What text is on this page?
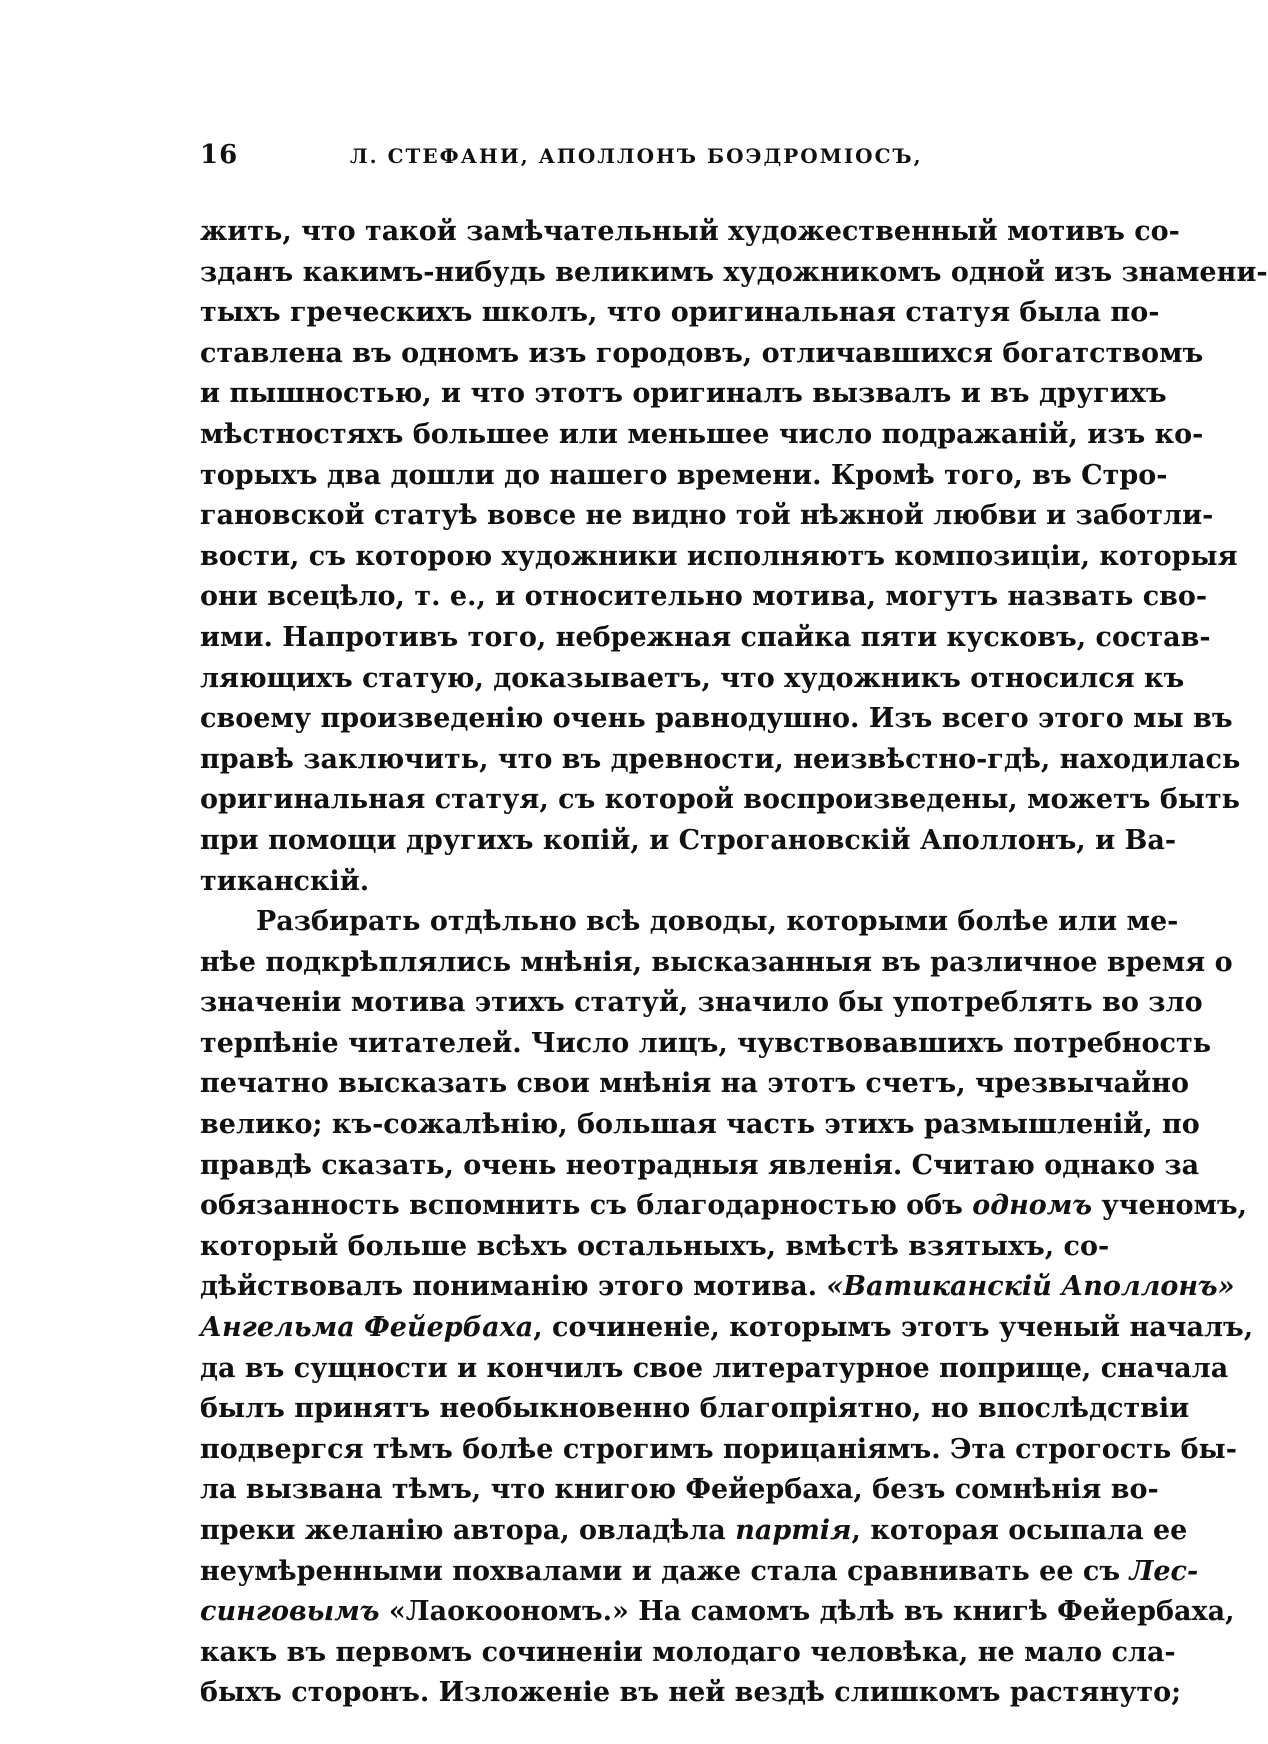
16	Л. СТЕФАНИ, АПОЛЛОНЪ БОЭДРОМІОСЪ,
жить, что такой замѣчательный художественный мотивъ со-
зданъ какимъ-нибудь великимъ художникомъ одной изъ знамени-
тыхъ греческихъ школъ, что оригинальная статуя была по-
ставлена въ одномъ изъ городовъ, отличавшихся богатствомъ
и пышностью, и что этотъ оригиналъ вызвалъ и въ другихъ
мѣстностяхъ большее или меньшее число подражаній, изъ ко-
торыхъ два дошли до нашего времени. Кромѣ того, въ Стро-
гановской статуѣ вовсе не видно той нѣжной любви и заботли-
вости, съ которою художники исполняютъ композиціи, которыя
они всецѣло, т. е., и относительно мотива, могутъ назвать сво-
ими. Напротивъ того, небрежная спайка пяти кусковъ, состав-
ляющихъ статую, доказываетъ, что художникъ относился къ
своему произведенію очень равнодушно. Изъ всего этого мы въ
правѣ заключить, что въ древности, неизвѣстно-гдѣ, находилась
оригинальная статуя, съ которой воспроизведены, можетъ быть
при помощи другихъ копій, и Строгановскій Аполлонъ, и Ва-
тиканскій.
Разбирать отдѣльно всѣ доводы, которыми болѣе или ме-
нѣе подкрѣплялись мнѣнія, высказанныя въ различное время о
значеніи мотива этихъ статуй, значило бы употреблять во зло
терпѣніе читателей. Число лицъ, чувствовавшихъ потребность
печатно высказать свои мнѣнія на этотъ счетъ, чрезвычайно
велико; къ-сожалѣнію, большая часть этихъ размышленій, по
правдѣ сказать, очень неотрадныя явленія. Считаю однако за
обязанность вспомнить съ благодарностью объ одномъ ученомъ,
который больше всѣхъ остальныхъ, вмѣстѣ взятыхъ, со-
дѣйствовалъ пониманію этого мотива. «Ватиканскій Аполлонъ»
Ангельма Фейербаха, сочиненіе, которымъ этотъ ученый началъ,
да въ сущности и кончилъ свое литературное поприще, сначала
былъ принятъ необыкновенно благопріятно, но впослѣдствіи
подвергся тѣмъ болѣе строгимъ порицаніямъ. Эта строгость бы-
ла вызвана тѣмъ, что книгою Фейербаха, безъ сомнѣнія во-
преки желанію автора, овладѣла партія, которая осыпала ее
неумѣренными похвалами и даже стала сравнивать ее съ Лес-
синговымъ «Лаокоономъ.» На самомъ дѣлѣ въ книгѣ Фейербаха,
какъ въ первомъ сочиненіи молодаго человѣка, не мало сла-
быхъ сторонъ. Изложеніе въ ней вездѣ слишкомъ растянуто;
